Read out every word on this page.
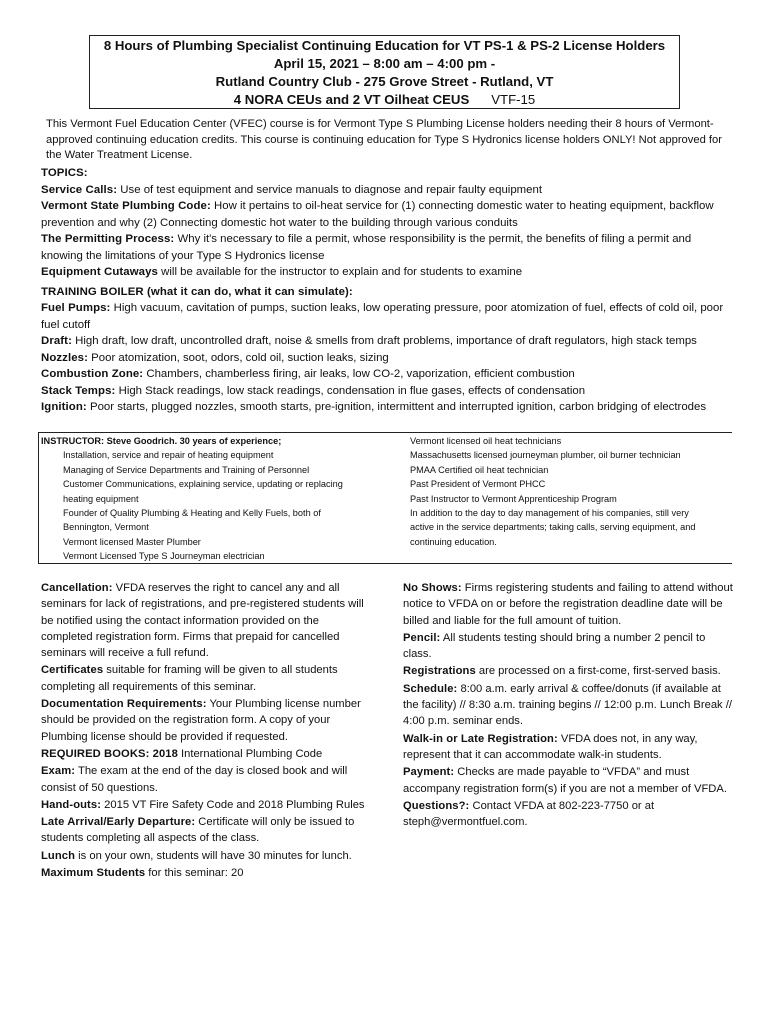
8 Hours of Plumbing Specialist Continuing Education for VT PS-1 & PS-2 License Holders
April 15, 2021 – 8:00 am – 4:00 pm -
Rutland Country Club - 275 Grove Street - Rutland, VT
4 NORA CEUs and 2 VT Oilheat CEUS VTF-15
This Vermont Fuel Education Center (VFEC) course is for Vermont Type S Plumbing License holders needing their 8 hours of Vermont-approved continuing education credits. This course is continuing education for Type S Hydronics license holders ONLY! Not approved for the Water Treatment License.

TOPICS:

Service Calls: Use of test equipment and service manuals to diagnose and repair faulty equipment

Vermont State Plumbing Code: How it pertains to oil-heat service for (1) connecting domestic water to heating equipment, backflow prevention and why (2) Connecting domestic hot water to the building through various conduits

The Permitting Process: Why it's necessary to file a permit, whose responsibility is the permit, the benefits of filing a permit and knowing the limitations of your Type S Hydronics license

Equipment Cutaways will be available for the instructor to explain and for students to examine

TRAINING BOILER (what it can do, what it can simulate):

Fuel Pumps: High vacuum, cavitation of pumps, suction leaks, low operating pressure, poor atomization of fuel, effects of cold oil, poor fuel cutoff

Draft: High draft, low draft, uncontrolled draft, noise & smells from draft problems, importance of draft regulators, high stack temps

Nozzles: Poor atomization, soot, odors, cold oil, suction leaks, sizing

Combustion Zone: Chambers, chamberless firing, air leaks, low CO-2, vaporization, efficient combustion

Stack Temps: High Stack readings, low stack readings, condensation in flue gases, effects of condensation

Ignition: Poor starts, plugged nozzles, smooth starts, pre-ignition, intermittent and interrupted ignition, carbon bridging of electrodes

INSTRUCTOR: Steve Goodrich. 30 years of experience;
Installation, service and repair of heating equipment
Managing of Service Departments and Training of Personnel
Customer Communications, explaining service, updating or replacing
heating equipment
Founder of Quality Plumbing & Heating and Kelly Fuels, both of
Bennington, Vermont
Vermont licensed Master Plumber
Vermont Licensed Type S Journeyman electrician
Vermont licensed oil heat technicians
Massachusetts licensed journeyman plumber, oil burner technician
PMAA Certified oil heat technician
Past President of Vermont PHCC
Past Instructor to Vermont Apprenticeship Program
In addition to the day to day management of his companies, still very
active in the service departments; taking calls, serving equipment, and
continuing education.

Cancellation: VFDA reserves the right to cancel any and all seminars for lack of registrations, and pre-registered students will be notified using the contact information provided on the completed registration form. Firms that prepaid for cancelled seminars will receive a full refund.

Certificates suitable for framing will be given to all students completing all requirements of this seminar.

Documentation Requirements: Your Plumbing license number should be provided on the registration form. A copy of your Plumbing license should be provided if requested.

REQUIRED BOOKS: 2018 International Plumbing Code

Exam: The exam at the end of the day is closed book and will consist of 50 questions.

Hand-outs: 2015 VT Fire Safety Code and 2018 Plumbing Rules

Late Arrival/Early Departure: Certificate will only be issued to students completing all aspects of the class.

Lunch is on your own, students will have 30 minutes for lunch.

Maximum Students for this seminar: 20

No Shows: Firms registering students and failing to attend without notice to VFDA on or before the registration deadline date will be billed and liable for the full amount of tuition.

Pencil: All students testing should bring a number 2 pencil to class.

Registrations are processed on a first-come, first-served basis.

Schedule: 8:00 a.m. early arrival & coffee/donuts (if available at the facility) // 8:30 a.m. training begins // 12:00 p.m. Lunch Break // 4:00 p.m. seminar ends.

Walk-in or Late Registration: VFDA does not, in any way, represent that it can accommodate walk-in students.

Payment: Checks are made payable to “VFDA” and must accompany registration form(s) if you are not a member of VFDA.

Questions?: Contact VFDA at 802-223-7750 or at steph@vermontfuel.com.
